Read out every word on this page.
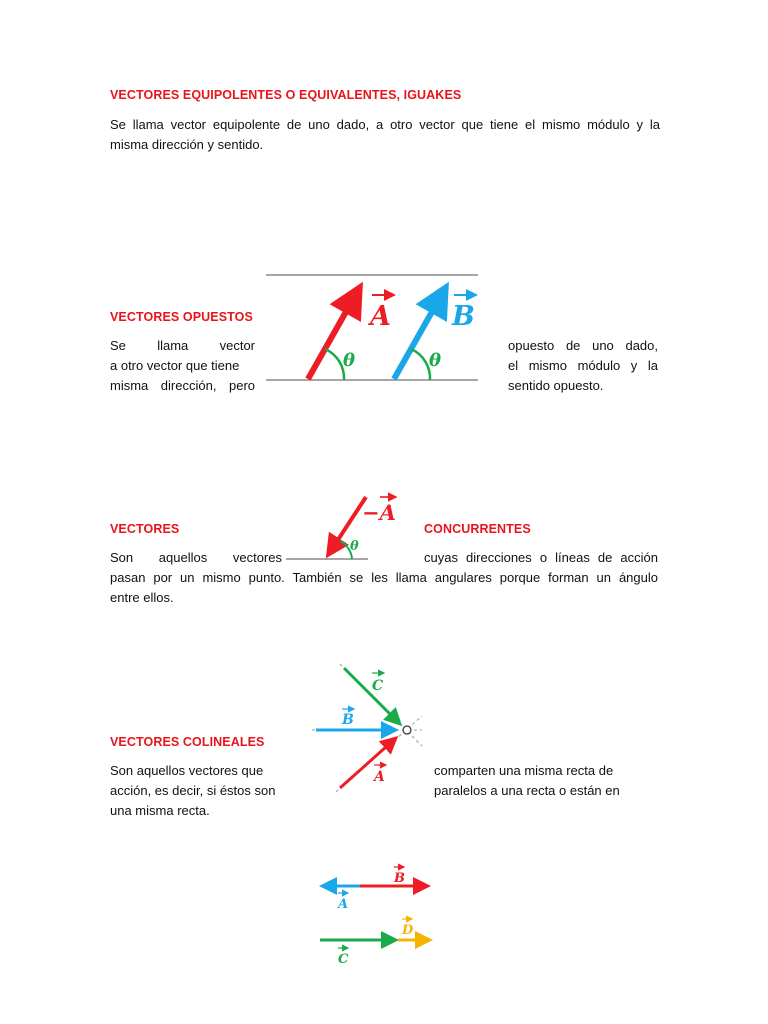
VECTORES EQUIPOLENTES O EQUIVALENTES, IGUAKES
Se llama vector equipolente de uno dado, a otro vector que tiene el mismo módulo y la
misma dirección y sentido.
θ	θ
A B
VECTORES OPUESTOS
Se llama vector
a otro vector que tiene
misma dirección, pero
opuesto de uno dado,
el mismo módulo y la
sentido opuesto.
θ
−A
VECTORES	CONCURRENTES
Son aquellos vectores	cuyas direcciones o líneas de acción
pasan por un mismo punto. También se les llama angulares porque forman un ángulo
entre ellos.
C
B
A
VECTORES COLINEALES
Son aquellos vectores que
acción, es decir, si éstos son
una misma recta.
comparten una misma recta de
paralelos a una recta o están en
B
A
D
C
